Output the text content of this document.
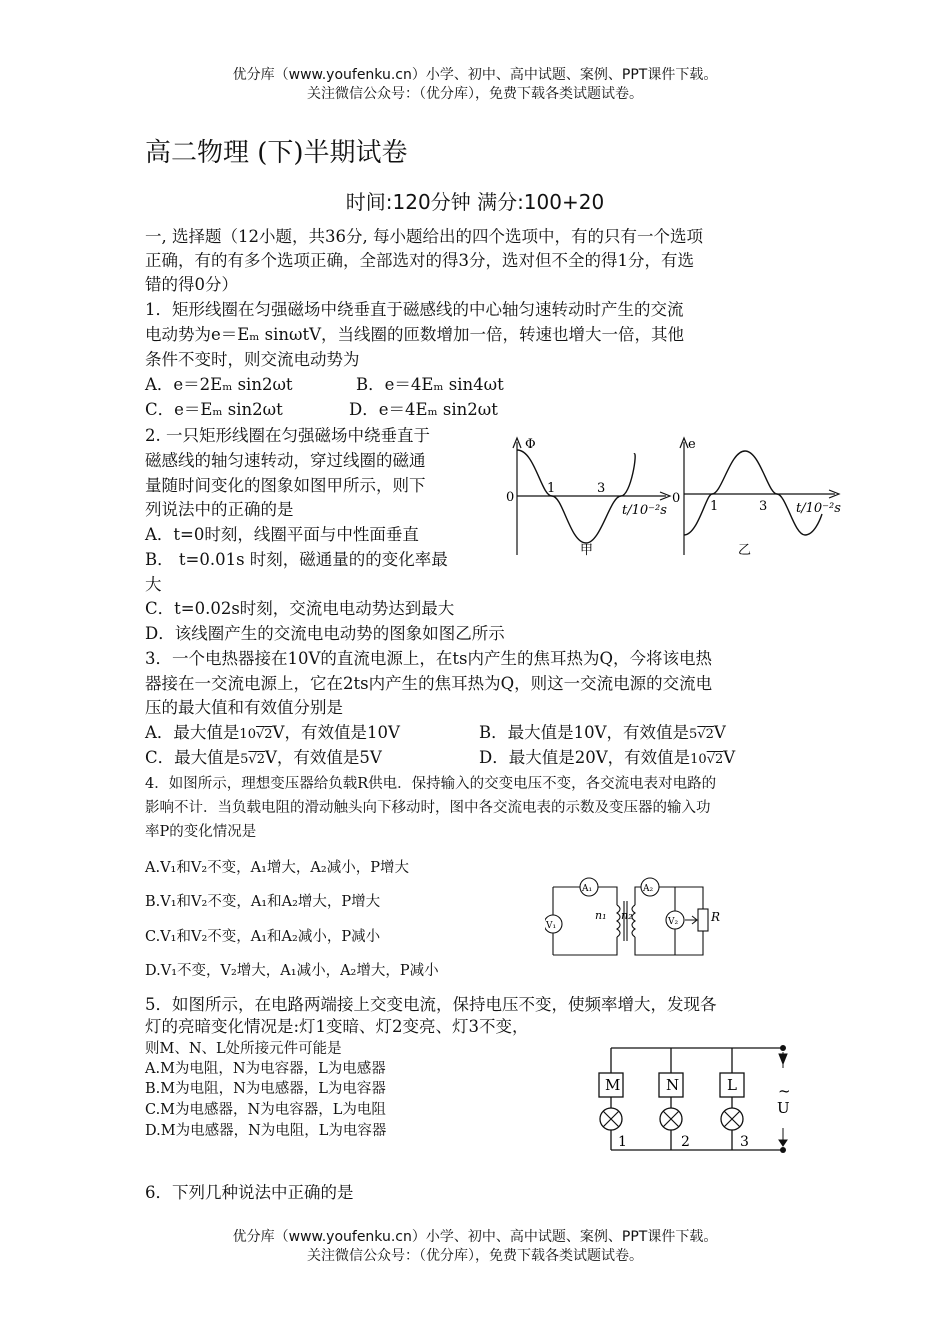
优分库（www.youfenku.cn）小学、初中、高中试题、案例、PPT课件下载。
关注微信公众号：（优分库），免费下载各类试题试卷。
高二物理 (下)半期试卷
时间:120分钟 满分:100+20
一, 选择题（12小题，共36分, 每小题给出的四个选项中，有的只有一个选项
正确，有的有多个选项正确，全部选对的得3分，选对但不全的得1分，有选
错的得0分）
1．矩形线圈在匀强磁场中绕垂直于磁感线的中心轴匀速转动时产生的交流
电动势为e＝Eₘ sinωtV，当线圈的匝数增加一倍，转速也增大一倍，其他
条件不变时，则交流电动势为
A．e＝2Eₘ sin2ωt	B．e＝4Eₘ sin4ωt
C．e＝Eₘ sin2ωt	D．e＝4Eₘ sin2ωt
2. 一只矩形线圈在匀强磁场中绕垂直于
磁感线的轴匀速转动，穿过线圈的磁通
量随时间变化的图象如图甲所示，则下
列说法中的正确的是
A．t=0时刻，线圈平面与中性面垂直
B． t=0.01s 时刻，磁通量的的变化率最
大
C．t=0.02s时刻，交流电电动势达到最大
D．该线圈产生的交流电电动势的图象如图乙所示
Φ
0
1	3
t/10⁻²s
甲
e
0
1	3 t/10⁻²s
乙
3．一个电热器接在10V的直流电源上，在ts内产生的焦耳热为Q，今将该电热
器接在一交流电源上，它在2ts内产生的焦耳热为Q，则这一交流电源的交流电
压的最大值和有效值分别是
A．最大值是10√2V，有效值是10V	B．最大值是10V，有效值是5√2V
C．最大值是5√2V，有效值是5V	D．最大值是20V，有效值是10√2V
4．如图所示，理想变压器给负载R供电．保持输入的交变电压不变，各交流电表对电路的
影响不计．当负载电阻的滑动触头向下移动时，图中各交流电表的示数及变压器的输入功
率P的变化情况是
A.V₁和V₂不变，A₁增大，A₂减小，P增大
B.V₁和V₂不变，A₁和A₂增大，P增大
C.V₁和V₂不变，A₁和A₂减小，P减小
D.V₁不变，V₂增大，A₁减小，A₂增大，P减小
A₁	A₂
V₁	V₂
n₁ n₂	R
5．如图所示，在电路两端接上交变电流，保持电压不变，使频率增大，发现各
灯的亮暗变化情况是:灯1变暗、灯2变亮、灯3不变，
则M、N、L处所接元件可能是
A.M为电阻，N为电容器，L为电感器
B.M为电阻，N为电感器，L为电容器
C.M为电感器，N为电容器，L为电阻
D.M为电感器，N为电阻，L为电容器
M	N	L	~
U
1	2	3
6．下列几种说法中正确的是
优分库（www.youfenku.cn）小学、初中、高中试题、案例、PPT课件下载。
关注微信公众号：（优分库），免费下载各类试题试卷。
